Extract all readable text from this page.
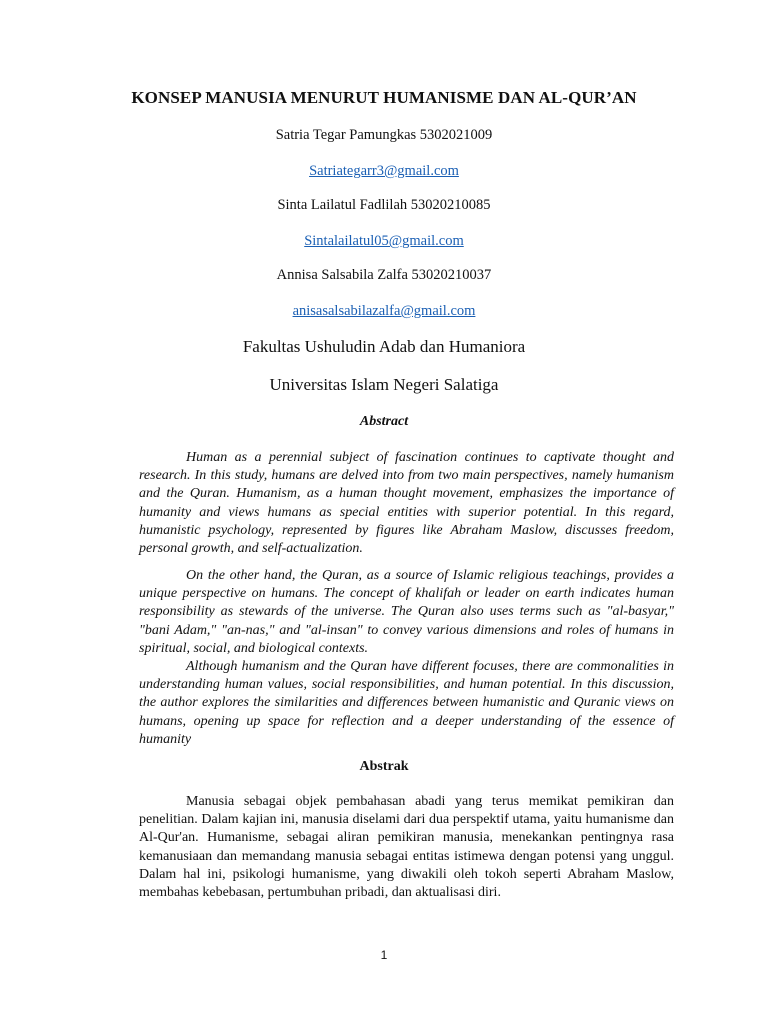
KONSEP MANUSIA MENURUT HUMANISME DAN AL-QUR’AN
Satria Tegar Pamungkas 5302021009
Satriategarr3@gmail.com
Sinta Lailatul Fadlilah 53020210085
Sintalailatul05@gmail.com
Annisa Salsabila Zalfa 53020210037
anisasalsabilazalfa@gmail.com
Fakultas Ushuludin Adab dan Humaniora
Universitas Islam Negeri Salatiga
Abstract

Human as a perennial subject of fascination continues to captivate thought and research. In this study, humans are delved into from two main perspectives, namely humanism and the Quran. Humanism, as a human thought movement, emphasizes the importance of humanity and views humans as special entities with superior potential. In this regard, humanistic psychology, represented by figures like Abraham Maslow, discusses freedom, personal growth, and self-actualization.

On the other hand, the Quran, as a source of Islamic religious teachings, provides a unique perspective on humans. The concept of khalifah or leader on earth indicates human responsibility as stewards of the universe. The Quran also uses terms such as "al-basyar," "bani Adam," "an-nas," and "al-insan" to convey various dimensions and roles of humans in spiritual, social, and biological contexts.

Although humanism and the Quran have different focuses, there are commonalities in understanding human values, social responsibilities, and human potential. In this discussion, the author explores the similarities and differences between humanistic and Quranic views on humans, opening up space for reflection and a deeper understanding of the essence of humanity

Abstrak

Manusia sebagai objek pembahasan abadi yang terus memikat pemikiran dan penelitian. Dalam kajian ini, manusia diselami dari dua perspektif utama, yaitu humanisme dan Al-Qur'an. Humanisme, sebagai aliran pemikiran manusia, menekankan pentingnya rasa kemanusiaan dan memandang manusia sebagai entitas istimewa dengan potensi yang unggul. Dalam hal ini, psikologi humanisme, yang diwakili oleh tokoh seperti Abraham Maslow, membahas kebebasan, pertumbuhan pribadi, dan aktualisasi diri.

1
